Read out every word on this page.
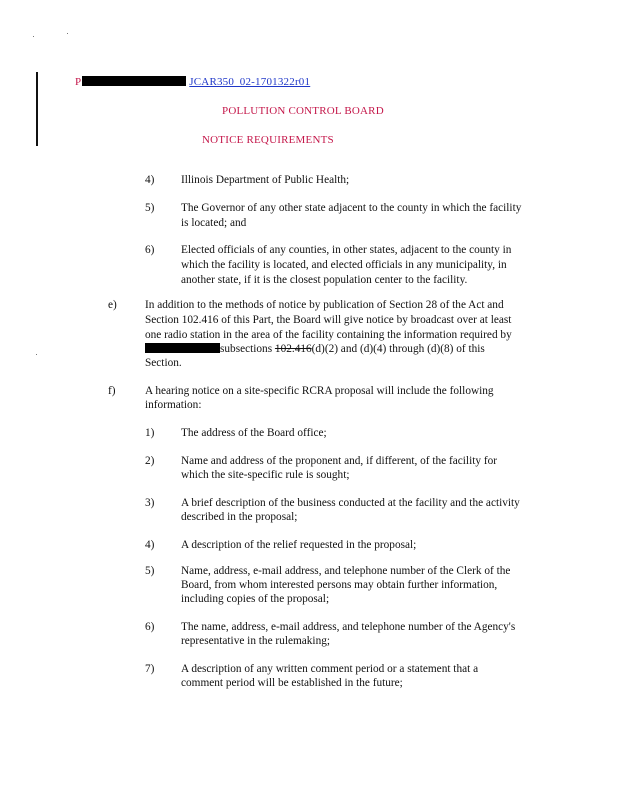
P	JCAR350_02-1701322r01
POLLUTION CONTROL BOARD
NOTICE REQUIREMENTS
4) Illinois Department of Public Health;
5) The Governor of any other state adjacent to the county in which the facility
is located; and
6) Elected officials of any counties, in other states, adjacent to the county in
which the facility is located, and elected officials in any municipality, in
another state, if it is the closest population center to the facility.
e) In addition to the methods of notice by publication of Section 28 of the Act and
Section 102.416 of this Part, the Board will give notice by broadcast over at least
one radio station in the area of the facility containing the information required by
subsections 102.416(d)(2) and (d)(4) through (d)(8) of this
Section.
f)	A hearing notice on a site-specific RCRA proposal will include the following
information:
1) The address of the Board office;
2) Name and address of the proponent and, if different, of the facility for
which the site-specific rule is sought;
3) A brief description of the business conducted at the facility and the activity
described in the proposal;
4) A description of the relief requested in the proposal;
5) Name, address, e-mail address, and telephone number of the Clerk of the
Board, from whom interested persons may obtain further information,
including copies of the proposal;
6) The name, address, e-mail address, and telephone number of the Agency's
representative in the rulemaking;
7) A description of any written comment period or a statement that a
comment period will be established in the future;
